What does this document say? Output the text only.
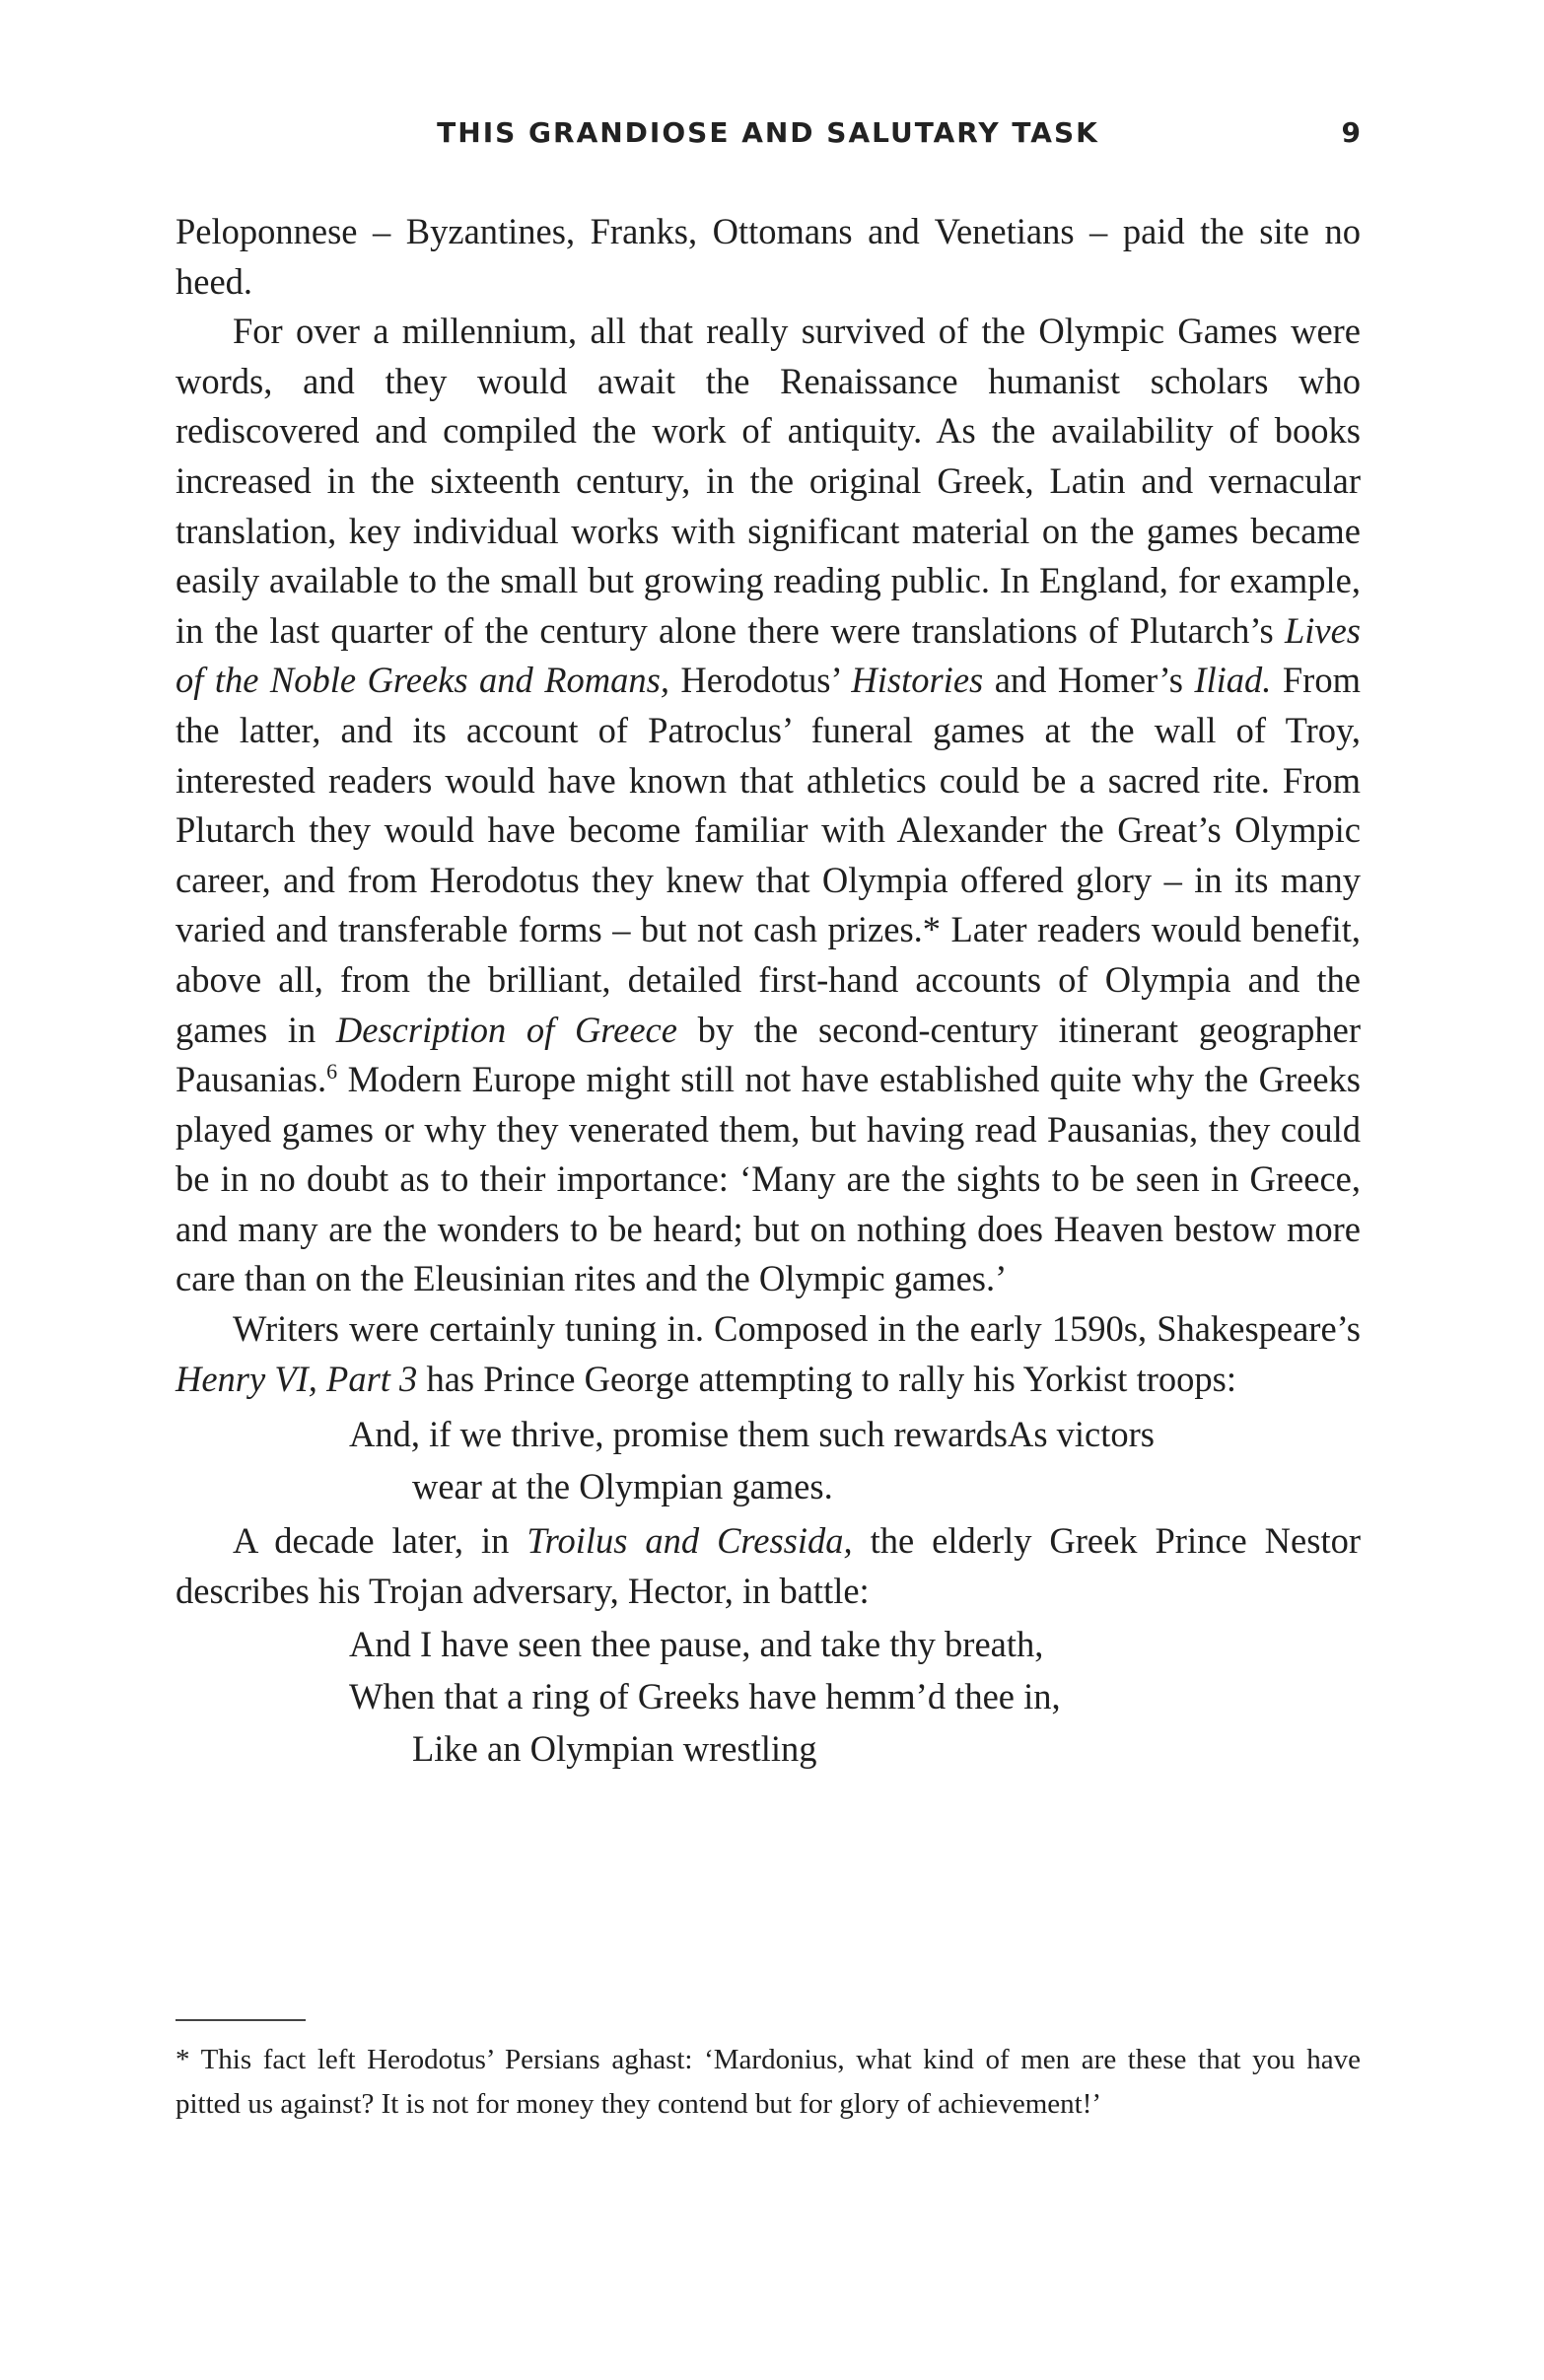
THIS GRANDIOSE AND SALUTARY TASK	9

Peloponnese – Byzantines, Franks, Ottomans and Venetians – paid the site no heed.

For over a millennium, all that really survived of the Olympic Games were words, and they would await the Renaissance humanist scholars who rediscovered and compiled the work of antiquity. As the availability of books increased in the sixteenth century, in the original Greek, Latin and vernacular translation, key individual works with significant material on the games became easily available to the small but growing reading public. In England, for example, in the last quarter of the century alone there were translations of Plutarch’s Lives of the Noble Greeks and Romans, Herodotus’ Histories and Homer’s Iliad. From the latter, and its account of Patroclus’ funeral games at the wall of Troy, interested readers would have known that athletics could be a sacred rite. From Plutarch they would have become familiar with Alexander the Great’s Olympic career, and from Herodotus they knew that Olympia offered glory – in its many varied and transferable forms – but not cash prizes.* Later readers would benefit, above all, from the brilliant, detailed first-hand accounts of Olympia and the games in Description of Greece by the second-century itinerant geographer Pausanias.$^6$ Modern Europe might still not have established quite why the Greeks played games or why they venerated them, but having read Pausanias, they could be in no doubt as to their importance: ‘Many are the sights to be seen in Greece, and many are the wonders to be heard; but on nothing does Heaven bestow more care than on the Eleusinian rites and the Olympic games.’

Writers were certainly tuning in. Composed in the early 1590s, Shakespeare’s Henry VI, Part 3 has Prince George attempting to rally his Yorkist troops:

And, if we thrive, promise them such rewardsAs victors
wear at the Olympian games.

A decade later, in Troilus and Cressida, the elderly Greek Prince Nestor describes his Trojan adversary, Hector, in battle:

And I have seen thee pause, and take thy breath,
When that a ring of Greeks have hemm’d thee in,
Like an Olympian wrestling
* This fact left Herodotus’ Persians aghast: ‘Mardonius, what kind of men are these that you have pitted us against? It is not for money they contend but for glory of achievement!’
